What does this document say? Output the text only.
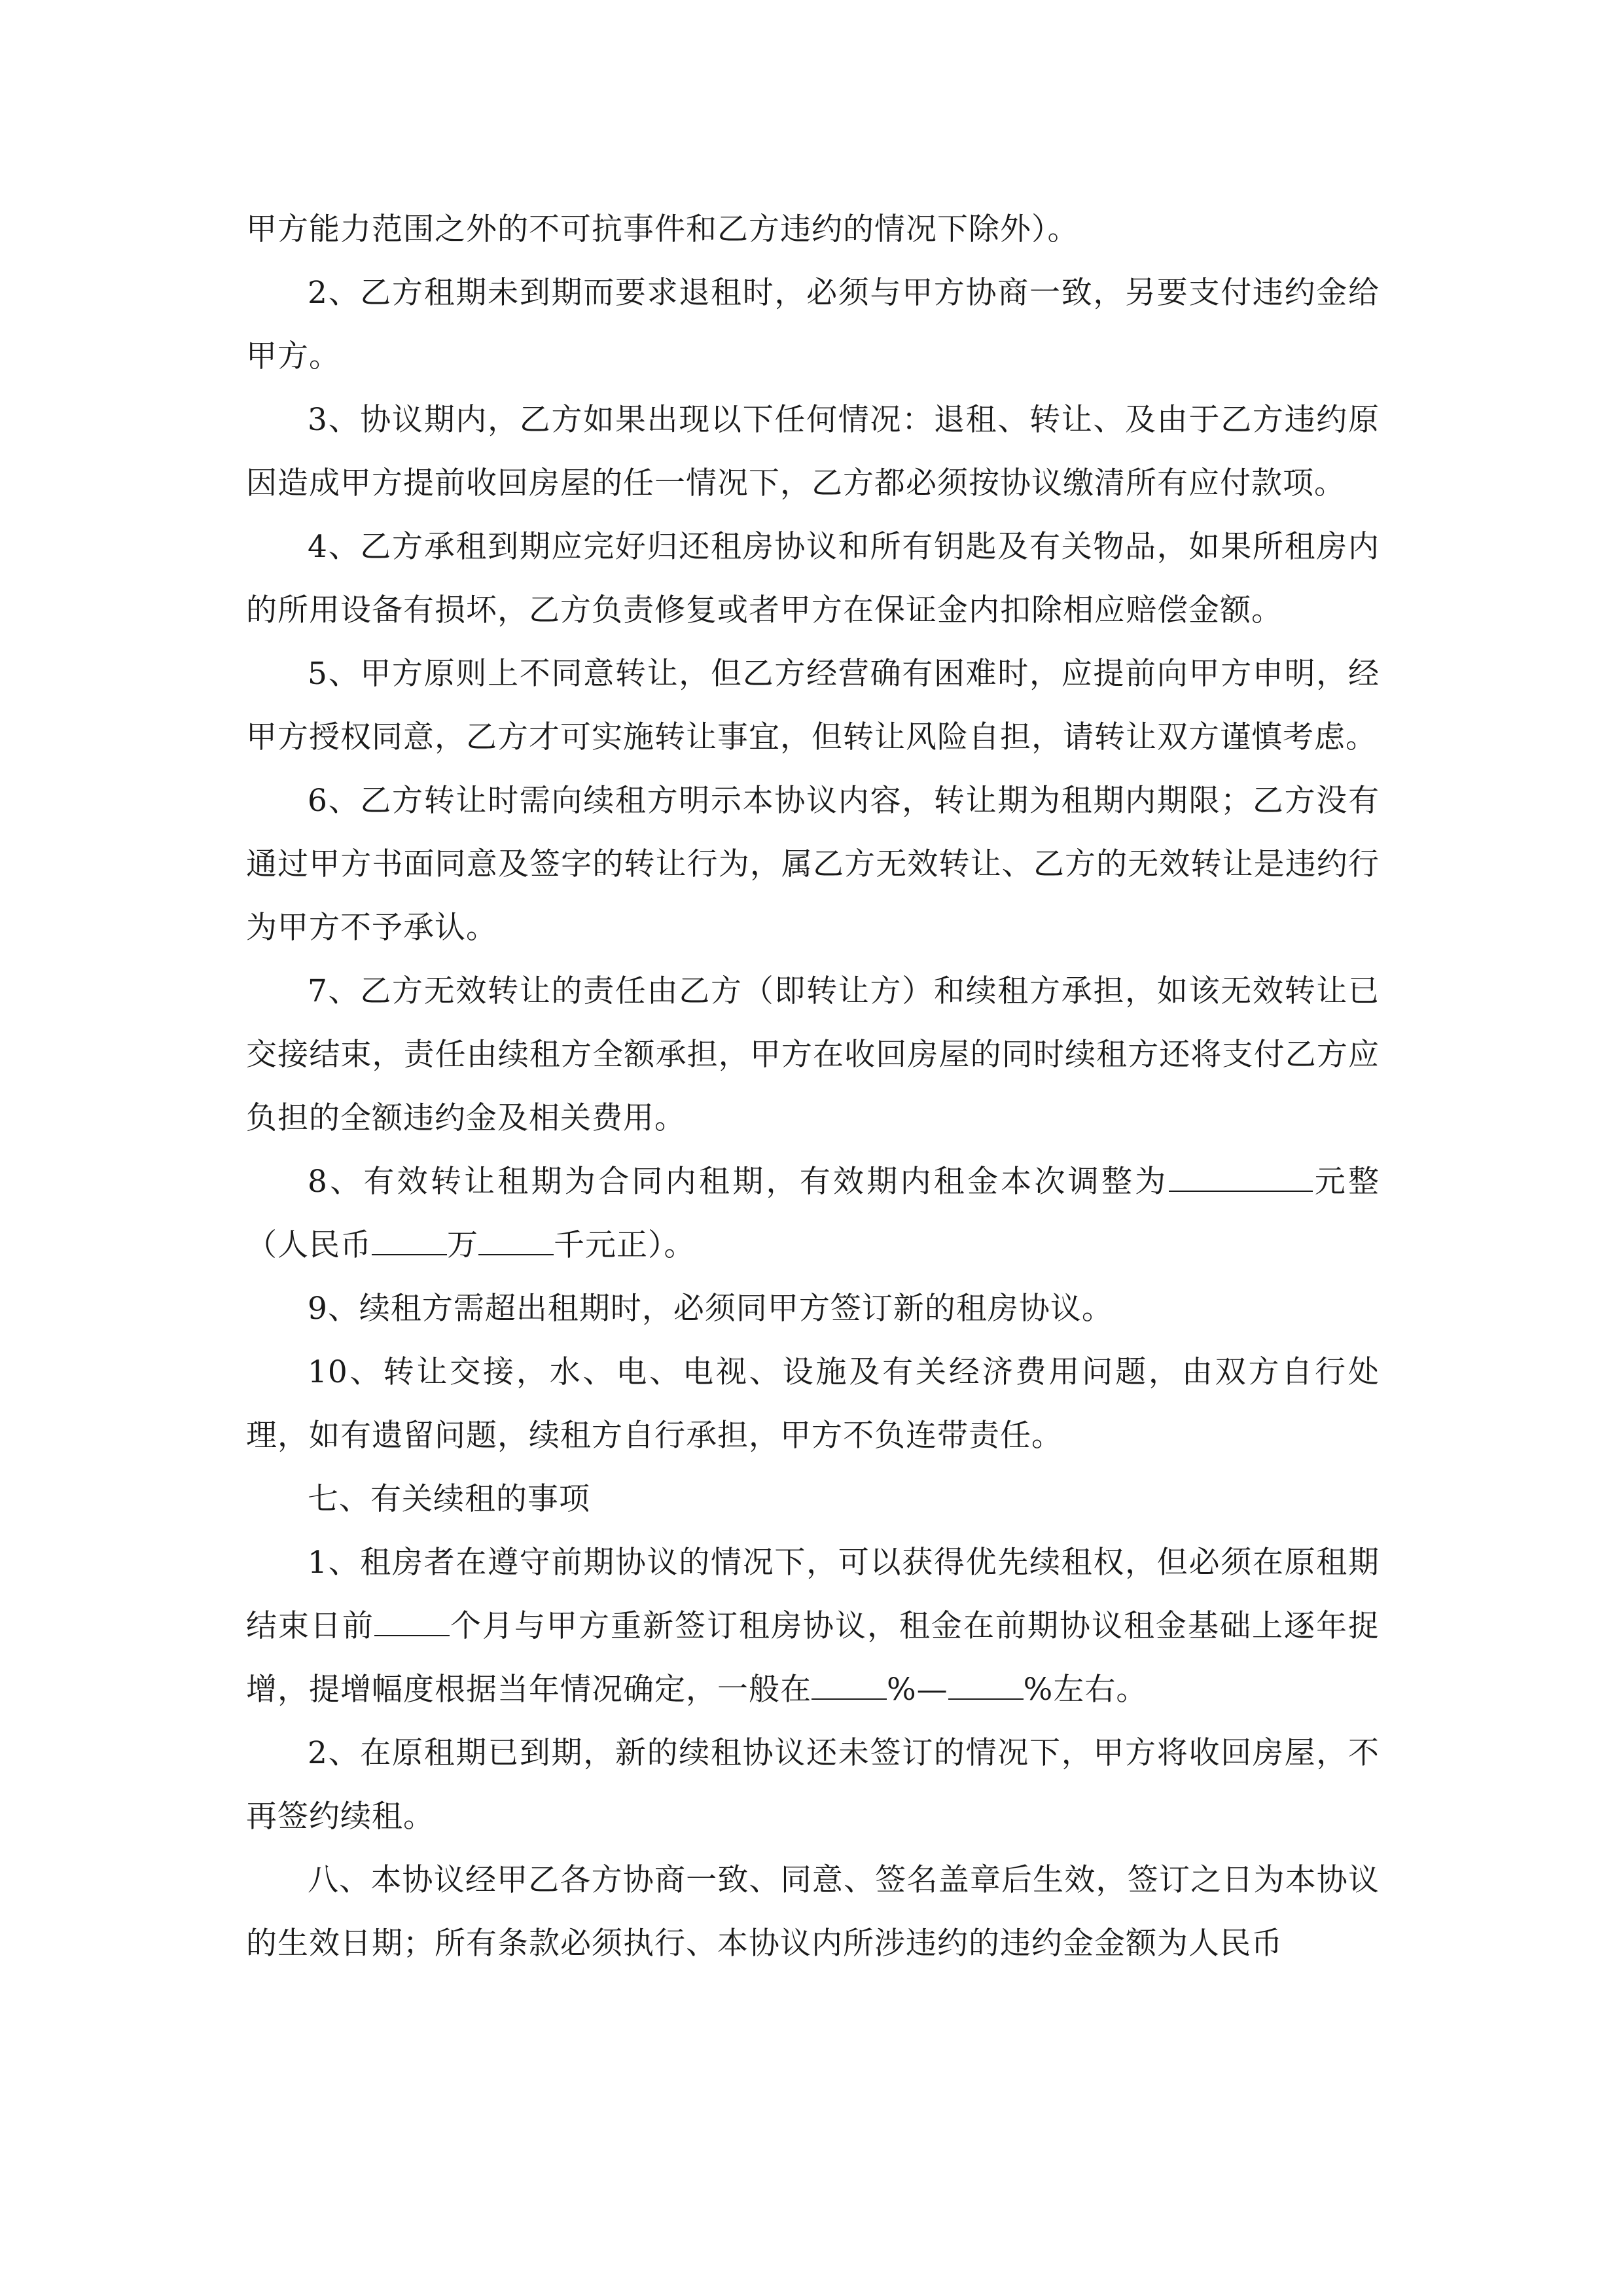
甲方能力范围之外的不可抗事件和乙方违约的情况下除外）。

2、乙方租期未到期而要求退租时，必须与甲方协商一致，另要支付违约金给甲方。

3、协议期内，乙方如果出现以下任何情况：退租、转让、及由于乙方违约原因造成甲方提前收回房屋的任一情况下，乙方都必须按协议缴清所有应付款项。

4、乙方承租到期应完好归还租房协议和所有钥匙及有关物品，如果所租房内的所用设备有损坏，乙方负责修复或者甲方在保证金内扣除相应赔偿金额。

5、甲方原则上不同意转让，但乙方经营确有困难时，应提前向甲方申明，经甲方授权同意，乙方才可实施转让事宜，但转让风险自担，请转让双方谨慎考虑。

6、乙方转让时需向续租方明示本协议内容，转让期为租期内期限；乙方没有通过甲方书面同意及签字的转让行为，属乙方无效转让、乙方的无效转让是违约行为甲方不予承认。

7、乙方无效转让的责任由乙方（即转让方）和续租方承担，如该无效转让已交接结束，责任由续租方全额承担，甲方在收回房屋的同时续租方还将支付乙方应负担的全额违约金及相关费用。

8、有效转让租期为合同内租期，有效期内租金本次调整为	元整（人民币 万 千元正）。

9、续租方需超出租期时，必须同甲方签订新的租房协议。

10、转让交接，水、电、电视、设施及有关经济费用问题，由双方自行处理，如有遗留问题，续租方自行承担，甲方不负连带责任。

七、有关续租的事项

1、租房者在遵守前期协议的情况下，可以获得优先续租权，但必须在原租期结束日前 个月与甲方重新签订租房协议，租金在前期协议租金基础上逐年捉增，提增幅度根据当年情况确定，一般在 %— %左右。

2、在原租期已到期，新的续租协议还未签订的情况下，甲方将收回房屋，不再签约续租。

八、本协议经甲乙各方协商一致、同意、签名盖章后生效，签订之日为本协议的生效日期；所有条款必须执行、本协议内所涉违约的违约金金额为人民币
